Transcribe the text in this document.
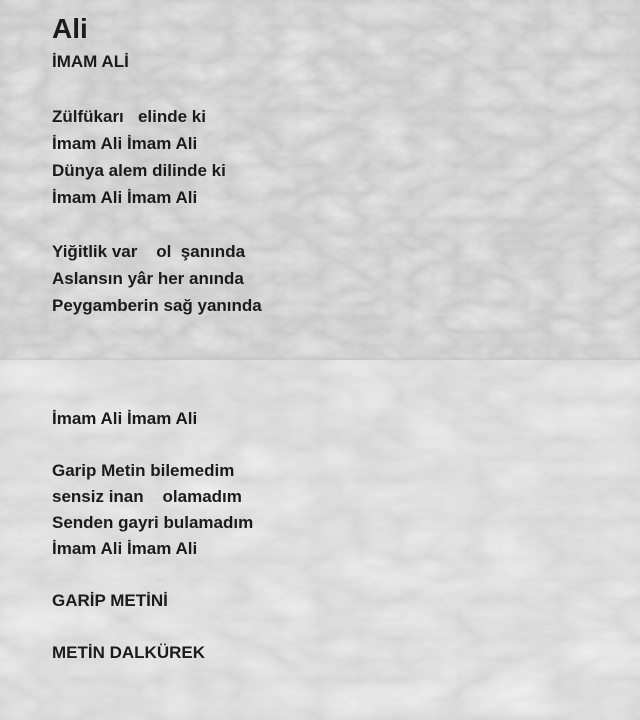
Ali
İMAM ALİ
Zülfükarı   elinde ki
İmam Ali İmam Ali
Dünya alem dilinde ki
İmam Ali İmam Ali
Yiğitlik var    ol  şanında
Aslansın yâr her anında
Peygamberin sağ yanında
İmam Ali İmam Ali
Garip Metin bilemedim
sensiz inan    olamadım
Senden gayri bulamadım
İmam Ali İmam Ali
GARİP METİNİ
METİN DALKÜREK
